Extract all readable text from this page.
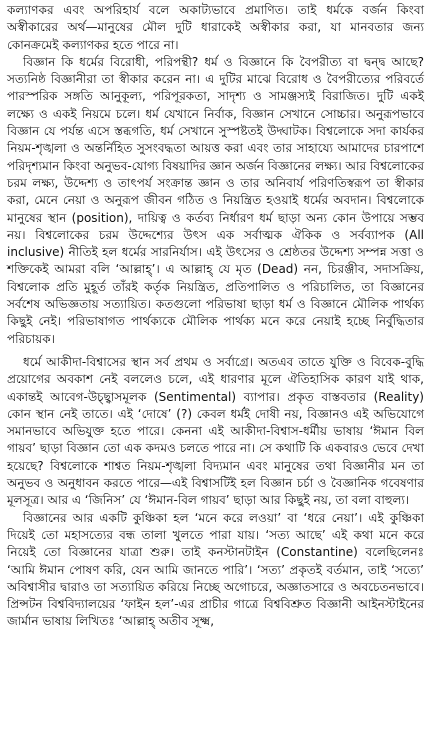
কল্যাণকর এবং অপরিহার্য বলে অকাট্যভাবে প্রমাণিত। তাই ধর্মকে বর্জন কিংবা অস্বীকারের অর্থ—মানুষের মৌল দুটি ধারাকেই অস্বীকার করা, যা মানবতার জন্য কোনক্রমেই কল্যাণকর হতে পারে না।

বিজ্ঞান কি ধর্মের বিরোধী, পরিপন্থী? ধর্ম ও বিজ্ঞানে কি বৈপরীত্য বা দ্বন্দ্ব আছে? সত্যনিষ্ঠ বিজ্ঞানীরা তা স্বীকার করেন না। এ দুটির মাঝে বিরোধ ও বৈপরীত্যের পরিবর্তে পারস্পরিক সঙ্গতি আনুকূল্য, পরিপূরকতা, সাদৃশ্য ও সামঞ্জস্যই বিরাজিত। দুটি একই লক্ষ্যে ও একই নিয়মে চলে। ধর্ম যেখানে নির্বাক, বিজ্ঞান সেখানে সোচ্চার। অনুরূপভাবে বিজ্ঞান যে পর্যন্ত এসে স্তব্ধগতি, ধর্ম সেখানে সুস্পষ্টতই উদ্ঘাটক। বিশ্বলোকে সদা কার্যকর নিয়ম-শৃঙ্খলা ও অন্তর্নিহিত সুসংবদ্ধতা আয়ত্ত করা এবং তার সাহায্যে আমাদের চারপাশে পরিদৃশ্যমান কিংবা অনুভব-যোগ্য বিষয়াদির জ্ঞান অর্জন বিজ্ঞানের লক্ষ্য। আর বিশ্বলোকের চরম লক্ষ্য, উদ্দেশ্য ও তাৎপর্য সংক্রান্ত জ্ঞান ও তার অনিবার্য পরিণতিস্বরূপ তা স্বীকার করা, মেনে নেয়া ও অনুরূপ জীবন গঠিত ও নিয়ন্ত্রিত হওয়াই ধর্মের অবদান। বিশ্বলোকে মানুষের স্থান (position), দায়িত্ব ও কর্তব্য নির্ধারণ ধর্ম ছাড়া অন্য কোন উপায়ে সম্ভব নয়। বিশ্বলোকের চরম উদ্দেশ্যের উৎস এক সর্বাত্মক ঐকিক ও সর্বব্যাপক (All inclusive) নীতিই হল ধর্মের সারনির্যাস। এই উৎসের ও শ্রেষ্ঠতর উদ্দেশ্য সম্পন্ন সত্তা ও শক্তিকেই আমরা বলি ‘আল্লাহ্’। এ আল্লাহ্ যে মৃত (Dead) নন, চিরঞ্জীব, সদাসক্রিয়, বিশ্বলোক প্রতি মুহূর্ত তাঁরই কর্তৃক নিয়ন্ত্রিত, প্রতিপালিত ও পরিচালিত, তা বিজ্ঞানের সর্বশেষ অভিজ্ঞতায় সত্যায়িত। কতগুলো পরিভাষা ছাড়া ধর্ম ও বিজ্ঞানে মৌলিক পার্থক্য কিছুই নেই। পরিভাষাগত পার্থক্যকে মৌলিক পার্থক্য মনে করে নেয়াই হচ্ছে নির্বুদ্ধিতার পরিচায়ক।

ধর্মে আকীদা-বিশ্বাসের স্থান সর্ব প্রথম ও সর্বাগ্রে। অতএব তাতে যুক্তি ও বিবেক-বুদ্ধি প্রয়োগের অবকাশ নেই বললেও চলে, এই ধারণার মূলে ঐতিহাসিক কারণ যাই থাক, একান্তই আবেগ-উচ্ছ্বাসমূলক (Sentimental) ব্যাপার। প্রকৃত বাস্তবতার (Reality) কোন স্থান নেই তাতে। এই ‘দোষে’ (?) কেবল ধর্মই দোষী নয়, বিজ্ঞানও এই অভিযোগে সমানভাবে অভিযুক্ত হতে পারে। কেননা এই আকীদা-বিশ্বাস-ধর্মীয় ভাষায় ‘ঈমান বিল গায়ব’ ছাড়া বিজ্ঞান তো এক কদমও চলতে পারে না। সে কথাটি কি একবারও ভেবে দেখা হয়েছে? বিশ্বলোকে শাশ্বত নিয়ম-শৃঙ্খলা বিদ্যমান এবং মানুষের তথা বিজ্ঞানীর মন তা অনুভব ও অনুধাবন করতে পারে—এই বিশ্বাসটিই হল বিজ্ঞান চর্চা ও বৈজ্ঞানিক গবেষণার মূলসূত্র। আর এ ‘জিনিস’ যে ‘ঈমান-বিল গায়ব’ ছাড়া আর কিছুই নয়, তা বলা বাহুল্য।

বিজ্ঞানের আর একটি কুঞ্চিকা হল ‘মনে করে লওয়া’ বা ‘ধরে নেয়া’। এই কুঞ্চিকা দিয়েই তো মহাসত্যের বন্ধ তালা খুলতে পারা যায়। ‘সত্য আছে’ এই কথা মনে করে নিয়েই তো বিজ্ঞানের যাত্রা শুরু। তাই কনস্টানটাইন (Constantine) বলেছিলেনঃ ‘আমি ঈমান পোষণ করি, যেন আমি জানতে পারি’। ‘সত্য’ প্রকৃতই বর্তমান, তাই ‘সত্যে’ অবিশ্বাসীর দ্বারাও তা সত্যায়িত করিয়ে নিচ্ছে অগোচরে, অজ্ঞাতসারে ও অবচেতনভাবে। প্রিন্সটন বিশ্ববিদ্যালয়ের ‘ফাইন হল’-এর প্রাচীর গাত্রে বিশ্ববিশ্রুত বিজ্ঞানী আইনস্টাইনের জার্মান ভাষায় লিখিতঃ ‘আল্লাহ্ অতীব সূক্ষ্ম,
